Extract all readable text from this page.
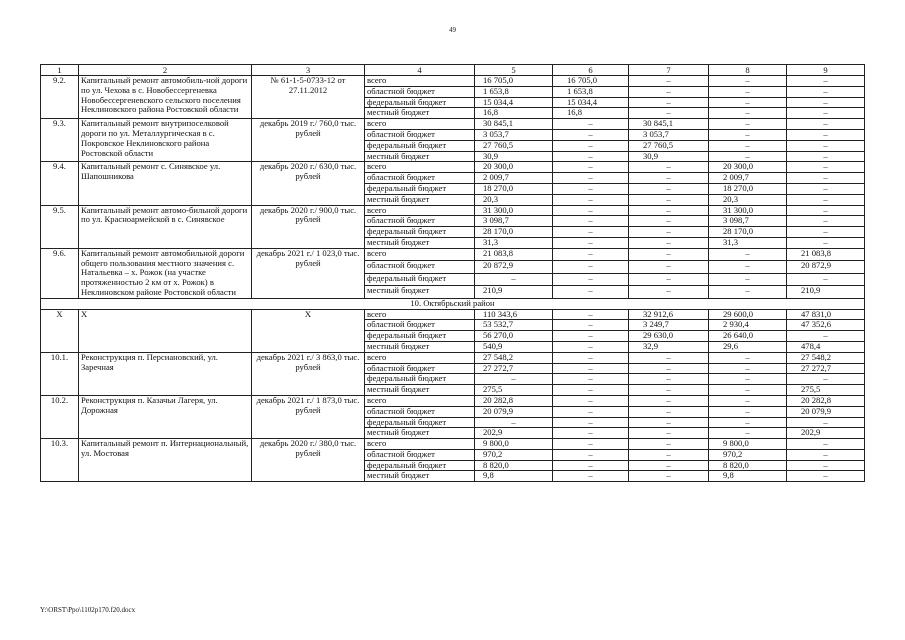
49
1	2	3	4	5	6	7	8	9
9.2.	Капитальный ремонт автомобиль-ной дороги по ул. Чехова в с. Новобессергеневка Новобессергеневского сельского поселения Неклиновского района Ростовской области	№ 61-1-5-0733-12 от 27.11.2012	всего	16 705,0	16 705,0	–	–	–
			областной бюджет	1 653,8	1 653,8	–	–	–
			федеральный бюджет	15 034,4	15 034,4	–	–	–
			местный бюджет	16,8	16,8	–	–	–
9.3.	Капитальный ремонт внутрипоселковой дороги по ул. Металлургическая в с. Покровское Неклиновского района Ростовской области	декабрь 2019 г./ 760,0 тыс. рублей	всего	30 845,1	–	30 845,1	–	–
			областной бюджет	3 053,7	–	3 053,7	–	–
			федеральный бюджет	27 760,5	–	27 760,5	–	–
			местный бюджет	30,9	–	30,9	–	–
9.4.	Капитальный ремонт с. Синявское ул. Шапошникова	декабрь 2020 г./ 630,0 тыс. рублей	всего	20 300,0	–	–	20 300,0	–
			областной бюджет	2 009,7	–	–	2 009,7	–
			федеральный бюджет	18 270,0	–	–	18 270,0	–
			местный бюджет	20,3	–	–	20,3	–
9.5.	Капитальный ремонт автомо-бильной дороги по ул. Красноармейской в с. Синявское	декабрь 2020 г./ 900,0 тыс. рублей	всего	31 300,0	–	–	31 300,0	–
			областной бюджет	3 098,7	–	–	3 098,7	–
			федеральный бюджет	28 170,0	–	–	28 170,0	–
			местный бюджет	31,3	–	–	31,3	–
9.6.	Капитальный ремонт автомобильной дороги общего пользования местного значения с. Натальевка – х. Рожок (на участке протяженностью 2 км от х. Рожок) в Неклиновском районе Ростовской области	декабрь 2021 г./ 1 023,0 тыс. рублей	всего	21 083,8	–	–	–	21 083,8
			областной бюджет	20 872,9	–	–	–	20 872,9
			федеральный бюджет	–	–	–	–	–
			местный бюджет	210,9	–	–	–	210,9
10. Октябрьский район								
Х	Х	Х	всего	110 343,6	–	32 912,6	29 600,0	47 831,0
			областной бюджет	53 532,7	–	3 249,7	2 930,4	47 352,6
			федеральный бюджет	56 270,0	–	29 630,0	26 640,0	–
			местный бюджет	540,9	–	32,9	29,6	478,4
10.1.	Реконструкция п. Персиановский, ул. Заречная	декабрь 2021 г./ 3 863,0 тыс. рублей	всего	27 548,2	–	–	–	27 548,2
			областной бюджет	27 272,7	–	–	–	27 272,7
			федеральный бюджет	–	–	–	–	–
			местный бюджет	275,5	–	–	–	275,5
10.2.	Реконструкция п. Казачьи Лагеря, ул. Дорожная	декабрь 2021 г./ 1 873,0 тыс. рублей	всего	20 282,8	–	–	–	20 282,8
			областной бюджет	20 079,9	–	–	–	20 079,9
			федеральный бюджет	–	–	–	–	–
			местный бюджет	202,9	–	–	–	202,9
10.3.	Капитальный ремонт п. Интернациональный, ул. Мостовая	декабрь 2020 г./ 380,0 тыс. рублей	всего	9 800,0	–	–	9 800,0	–
			областной бюджет	970,2	–	–	970,2	–
			федеральный бюджет	8 820,0	–	–	8 820,0	–
			местный бюджет	9,8	–	–	9,8	–
Y:\ORST\Ppo\1102p170.f20.docx
